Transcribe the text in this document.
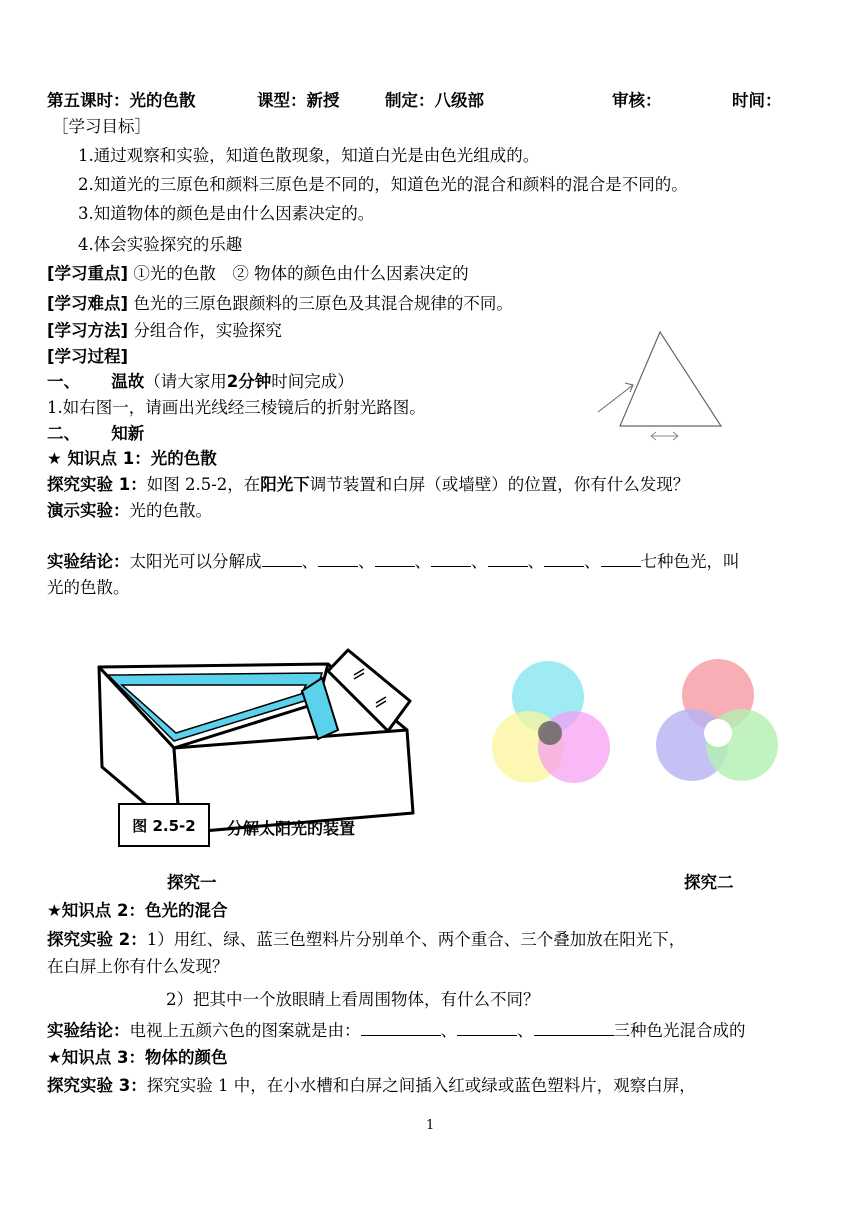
第五课时：光的色散	课型：新授	制定：八级部	审核：	时间：
［学习目标］
1.通过观察和实验，知道色散现象，知道白光是由色光组成的。
2.知道光的三原色和颜料三原色是不同的，知道色光的混合和颜料的混合是不同的。
3.知道物体的颜色是由什么因素决定的。
4.体会实验探究的乐趣
[学习重点] ①光的色散　② 物体的颜色由什么因素决定的
[学习难点] 色光的三原色跟颜料的三原色及其混合规律的不同。
[学习方法] 分组合作，实验探究
[学习过程]
一、 温故（请大家用2分钟时间完成）
1.如右图一，请画出光线经三棱镜后的折射光路图。
二、 知新
★ 知识点 1：光的色散
探究实验 1：如图 2.5-2，在阳光下调节装置和白屏（或墙壁）的位置，你有什么发现？
演示实验：光的色散。
实验结论：太阳光可以分解成 、 、 、 、 、 、 七种色光，叫
光的色散。
图 2.5-2	分解太阳光的装置
探究一	探究二
★知识点 2：色光的混合
探究实验 2：1）用红、绿、蓝三色塑料片分别单个、两个重合、三个叠加放在阳光下，
在白屏上你有什么发现？
2）把其中一个放眼睛上看周围物体，有什么不同？
实验结论：电视上五颜六色的图案就是由：	、	、	三种色光混合成的
★知识点 3：物体的颜色
探究实验 3：探究实验 1 中，在小水槽和白屏之间插入红或绿或蓝色塑料片，观察白屏，
1
